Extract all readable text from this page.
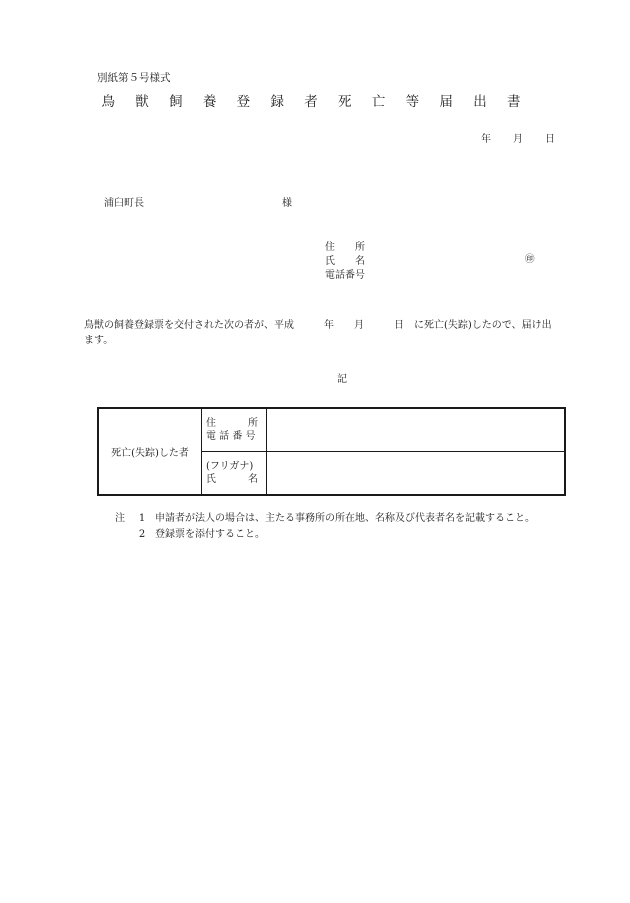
別紙第５号様式
鳥 獣 飼 養 登 録 者 死 亡 等 届 出 書
年 月 日
浦臼町長	様
住　　所
氏　　名
電話番号
㊞
鳥獣の飼養登録票を交付された次の者が、平成　　　年　　月　　　日　に死亡(失踪)したので、届け出ます。
記
死亡(失踪)した者	住 所
電 話 番 号	

	(フリガナ)
氏 名	

注	1 申請者が法人の場合は、主たる事務所の所在地、名称及び代表者名を記載すること。
2 登録票を添付すること。
